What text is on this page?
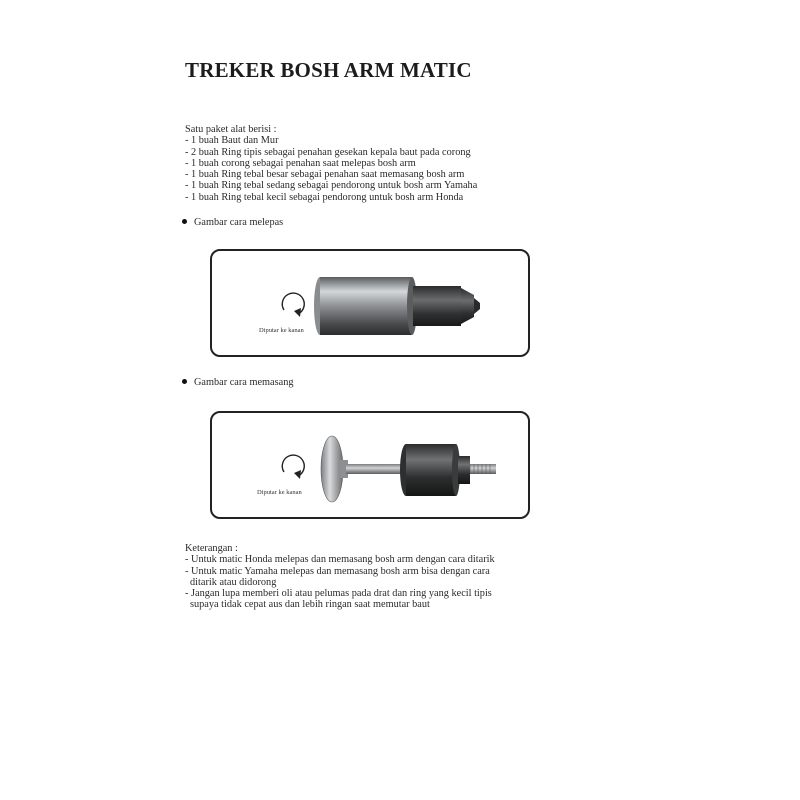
TREKER BOSH ARM MATIC
Satu paket alat berisi :
- 1 buah Baut dan Mur
- 2 buah Ring tipis sebagai penahan gesekan kepala baut pada corong
- 1 buah corong sebagai penahan saat melepas bosh arm
- 1 buah Ring tebal besar sebagai penahan saat memasang bosh arm
- 1 buah Ring tebal sedang sebagai pendorong untuk bosh arm Yamaha
- 1 buah Ring tebal kecil sebagai pendorong untuk bosh arm Honda
Gambar cara melepas
Diputar ke kanan
Gambar cara memasang
Diputar ke kanan
Keterangan :
- Untuk matic Honda melepas dan memasang bosh arm dengan cara ditarik
- Untuk matic Yamaha melepas dan memasang bosh arm bisa dengan cara
ditarik atau didorong
- Jangan lupa memberi oli atau pelumas pada drat dan ring yang kecil tipis
supaya tidak cepat aus dan lebih ringan saat memutar baut
